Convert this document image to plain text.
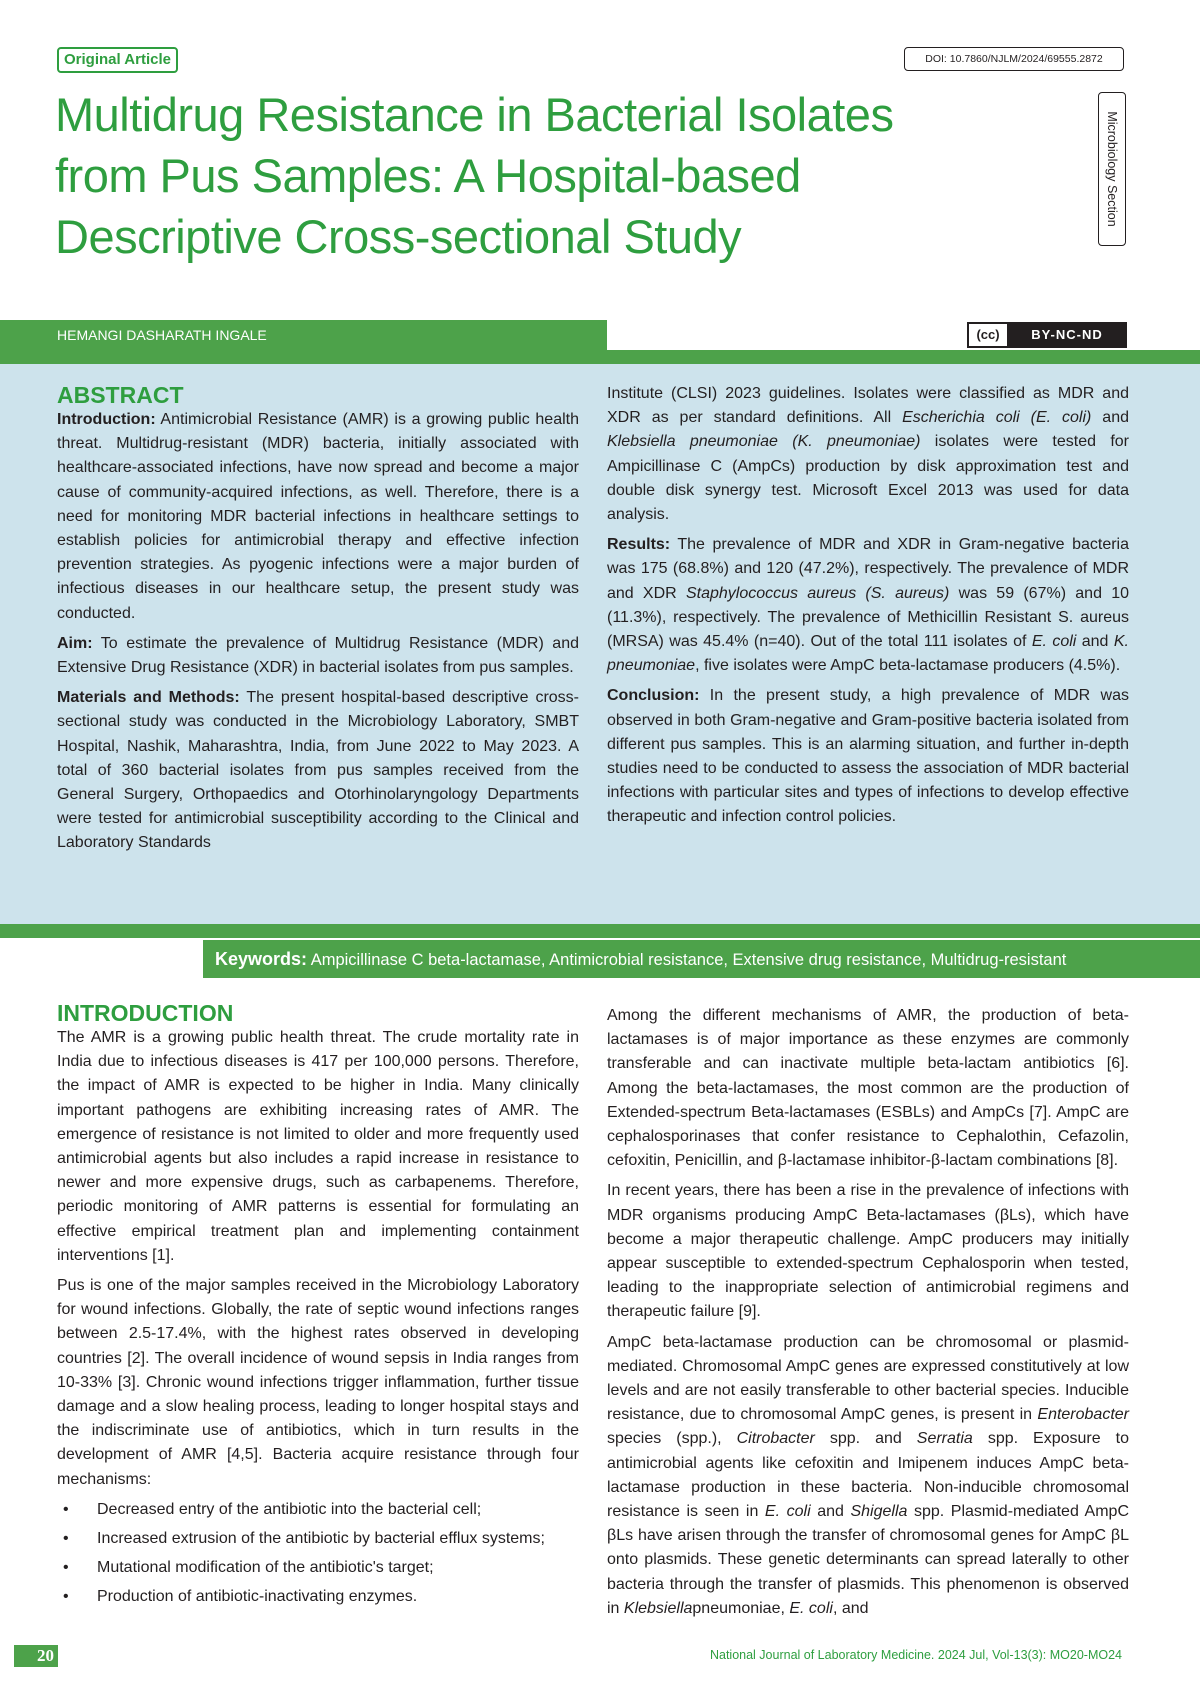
Original Article	DOI: 10.7860/NJLM/2024/69555.2872
Multidrug Resistance in Bacterial Isolates
from Pus Samples: A Hospital-based
Descriptive Cross-sectional Study
Microbiology Section
HEMANGI DASHARATH INGALE	(cc)	BY-NC-ND
ABSTRACT

Introduction: Antimicrobial Resistance (AMR) is a growing public health threat. Multidrug-resistant (MDR) bacteria, initially associated with healthcare-associated infections, have now spread and become a major cause of community-acquired infections, as well. Therefore, there is a need for monitoring MDR bacterial infections in healthcare settings to establish policies for antimicrobial therapy and effective infection prevention strategies. As pyogenic infections were a major burden of infectious diseases in our healthcare setup, the present study was conducted.

Aim: To estimate the prevalence of Multidrug Resistance (MDR) and Extensive Drug Resistance (XDR) in bacterial isolates from pus samples.

Materials and Methods: The present hospital-based descriptive cross-sectional study was conducted in the Microbiology Laboratory, SMBT Hospital, Nashik, Maharashtra, India, from June 2022 to May 2023. A total of 360 bacterial isolates from pus samples received from the General Surgery, Orthopaedics and Otorhinolaryngology Departments were tested for antimicrobial susceptibility according to the Clinical and Laboratory Standards

Institute (CLSI) 2023 guidelines. Isolates were classified as MDR and XDR as per standard definitions. All Escherichia coli (E. coli) and Klebsiella pneumoniae (K. pneumoniae) isolates were tested for Ampicillinase C (AmpCs) production by disk approximation test and double disk synergy test. Microsoft Excel 2013 was used for data analysis.

Results: The prevalence of MDR and XDR in Gram-negative bacteria was 175 (68.8%) and 120 (47.2%), respectively. The prevalence of MDR and XDR Staphylococcus aureus (S. aureus) was 59 (67%) and 10 (11.3%), respectively. The prevalence of Methicillin Resistant S. aureus (MRSA) was 45.4% (n=40). Out of the total 111 isolates of E. coli and K. pneumoniae, five isolates were AmpC beta-lactamase producers (4.5%).

Conclusion: In the present study, a high prevalence of MDR was observed in both Gram-negative and Gram-positive bacteria isolated from different pus samples. This is an alarming situation, and further in-depth studies need to be conducted to assess the association of MDR bacterial infections with particular sites and types of infections to develop effective therapeutic and infection control policies.

Keywords: Ampicillinase C beta-lactamase, Antimicrobial resistance, Extensive drug resistance, Multidrug-resistant
INTRODUCTION

The AMR is a growing public health threat. The crude mortality rate in India due to infectious diseases is 417 per 100,000 persons. Therefore, the impact of AMR is expected to be higher in India. Many clinically important pathogens are exhibiting increasing rates of AMR. The emergence of resistance is not limited to older and more frequently used antimicrobial agents but also includes a rapid increase in resistance to newer and more expensive drugs, such as carbapenems. Therefore, periodic monitoring of AMR patterns is essential for formulating an effective empirical treatment plan and implementing containment interventions [1].

Pus is one of the major samples received in the Microbiology Laboratory for wound infections. Globally, the rate of septic wound infections ranges between 2.5-17.4%, with the highest rates observed in developing countries [2]. The overall incidence of wound sepsis in India ranges from 10-33% [3]. Chronic wound infections trigger inflammation, further tissue damage and a slow healing process, leading to longer hospital stays and the indiscriminate use of antibiotics, which in turn results in the development of AMR [4,5]. Bacteria acquire resistance through four mechanisms:

• Decreased entry of the antibiotic into the bacterial cell;
• Increased extrusion of the antibiotic by bacterial efflux systems;
• Mutational modification of the antibiotic's target;
• Production of antibiotic-inactivating enzymes.

Among the different mechanisms of AMR, the production of beta-lactamases is of major importance as these enzymes are commonly transferable and can inactivate multiple beta-lactam antibiotics [6]. Among the beta-lactamases, the most common are the production of Extended-spectrum Beta-lactamases (ESBLs) and AmpCs [7]. AmpC are cephalosporinases that confer resistance to Cephalothin, Cefazolin, cefoxitin, Penicillin, and β-lactamase inhibitor-β-lactam combinations [8].

In recent years, there has been a rise in the prevalence of infections with MDR organisms producing AmpC Beta-lactamases (βLs), which have become a major therapeutic challenge. AmpC producers may initially appear susceptible to extended-spectrum Cephalosporin when tested, leading to the inappropriate selection of antimicrobial regimens and therapeutic failure [9].

AmpC beta-lactamase production can be chromosomal or plasmid-mediated. Chromosomal AmpC genes are expressed constitutively at low levels and are not easily transferable to other bacterial species. Inducible resistance, due to chromosomal AmpC genes, is present in Enterobacter species (spp.), Citrobacter spp. and Serratia spp. Exposure to antimicrobial agents like cefoxitin and Imipenem induces AmpC beta-lactamase production in these bacteria. Non-inducible chromosomal resistance is seen in E. coli and Shigella spp. Plasmid-mediated AmpC βLs have arisen through the transfer of chromosomal genes for AmpC βL onto plasmids. These genetic determinants can spread laterally to other bacteria through the transfer of plasmids. This phenomenon is observed in Klebsiellapneumoniae, E. coli, and

20	National Journal of Laboratory Medicine. 2024 Jul, Vol-13(3): MO20-MO24
